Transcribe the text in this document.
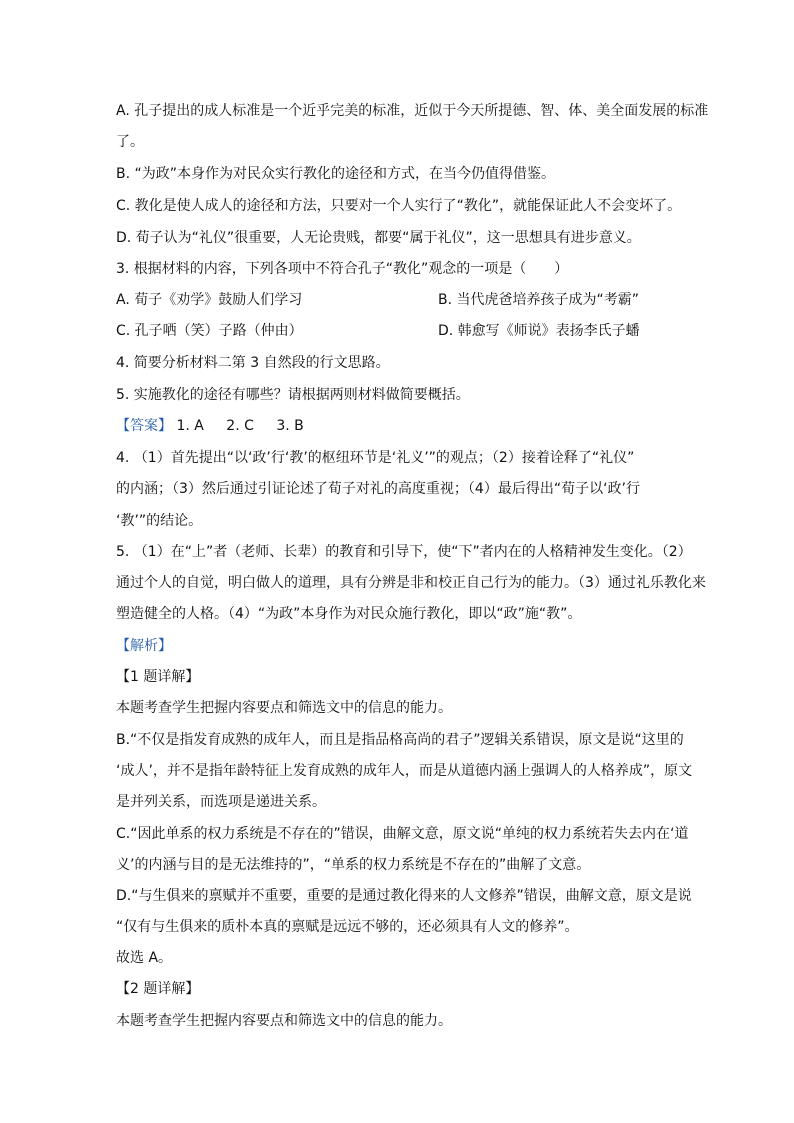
A. 孔子提出的成人标准是一个近乎完美的标准，近似于今天所提德、智、体、美全面发展的标准
了。
B. “为政”本身作为对民众实行教化的途径和方式，在当今仍值得借鉴。
C. 教化是使人成人的途径和方法，只要对一个人实行了“教化”，就能保证此人不会变坏了。
D. 荀子认为“礼仪”很重要，人无论贵贱，都要“属于礼仪”，这一思想具有进步意义。
3. 根据材料的内容，下列各项中不符合孔子“教化”观念的一项是（　　）
A. 荀子《劝学》鼓励人们学习	B. 当代虎爸培养孩子成为“考霸”
C. 孔子哂（笑）子路（仲由）	D. 韩愈写《师说》表扬李氏子蟠
4. 简要分析材料二第 3 自然段的行文思路。
5. 实施教化的途径有哪些？请根据两则材料做简要概括。
【答案】 1. A 2. C 3. B
4. （1）首先提出“以‘政’行‘教’的枢纽环节是‘礼义’”的观点；（2）接着诠释了“礼仪”
的内涵；（3）然后通过引证论述了荀子对礼的高度重视；（4）最后得出“荀子以‘政’行
‘教’”的结论。
5. （1）在“上”者（老师、长辈）的教育和引导下，使“下”者内在的人格精神发生变化。（2）
通过个人的自觉，明白做人的道理，具有分辨是非和校正自己行为的能力。（3）通过礼乐教化来
塑造健全的人格。（4）“为政”本身作为对民众施行教化，即以“政”施“教”。
【解析】
【1 题详解】
本题考查学生把握内容要点和筛选文中的信息的能力。
B.“不仅是指发育成熟的成年人，而且是指品格高尚的君子”逻辑关系错误，原文是说“这里的
‘成人’，并不是指年龄特征上发育成熟的成年人，而是从道德内涵上强调人的人格养成”，原文
是并列关系，而选项是递进关系。
C.“因此单系的权力系统是不存在的”错误，曲解文意，原文说“单纯的权力系统若失去内在‘道
义’的内涵与目的是无法维持的”，“单系的权力系统是不存在的”曲解了文意。
D.“与生俱来的禀赋并不重要，重要的是通过教化得来的人文修养”错误，曲解文意，原文是说
“仅有与生俱来的质朴本真的禀赋是远远不够的，还必须具有人文的修养”。
故选 A。
【2 题详解】
本题考查学生把握内容要点和筛选文中的信息的能力。
